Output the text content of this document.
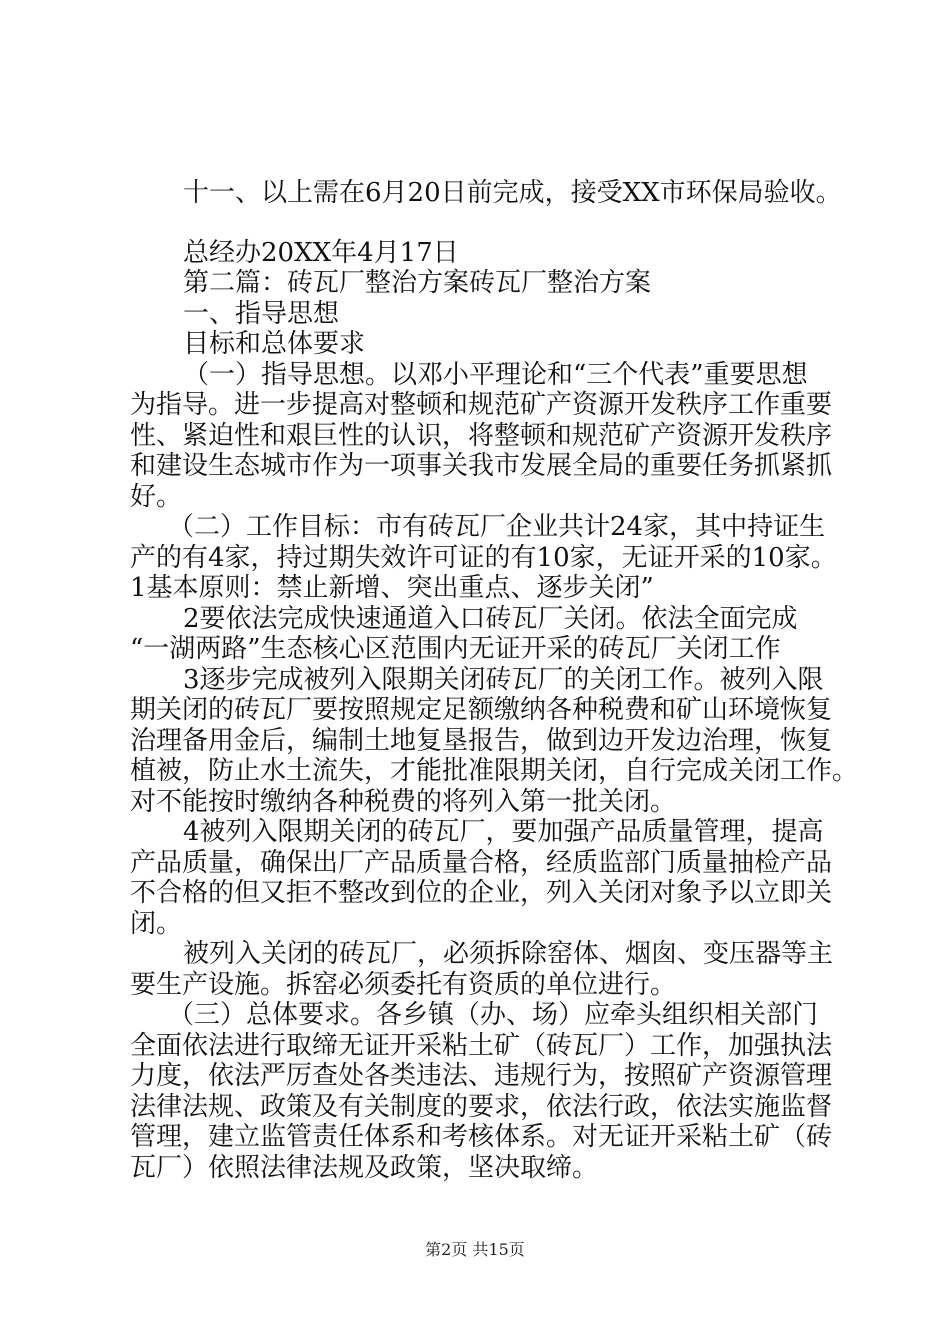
十一、以上需在6月20日前完成，接受XX市环保局验收。
总经办20XX年4月17日
第二篇：砖瓦厂整治方案砖瓦厂整治方案
一、指导思想
目标和总体要求
（一）指导思想。以邓小平理论和“三个代表”重要思想
为指导。进一步提高对整顿和规范矿产资源开发秩序工作重要
性、紧迫性和艰巨性的认识，将整顿和规范矿产资源开发秩序
和建设生态城市作为一项事关我市发展全局的重要任务抓紧抓
好。
（二）工作目标：市有砖瓦厂企业共计24家，其中持证生
产的有4家，持过期失效许可证的有10家，无证开采的10家。
1基本原则：禁止新增、突出重点、逐步关闭”
2要依法完成快速通道入口砖瓦厂关闭。依法全面完成
“一湖两路”生态核心区范围内无证开采的砖瓦厂关闭工作
3逐步完成被列入限期关闭砖瓦厂的关闭工作。被列入限
期关闭的砖瓦厂要按照规定足额缴纳各种税费和矿山环境恢复
治理备用金后，编制土地复垦报告，做到边开发边治理，恢复
植被，防止水土流失，才能批准限期关闭，自行完成关闭工作。
对不能按时缴纳各种税费的将列入第一批关闭。
4被列入限期关闭的砖瓦厂，要加强产品质量管理，提高
产品质量，确保出厂产品质量合格，经质监部门质量抽检产品
不合格的但又拒不整改到位的企业，列入关闭对象予以立即关
闭。
被列入关闭的砖瓦厂，必须拆除窑体、烟囱、变压器等主
要生产设施。拆窑必须委托有资质的单位进行。
（三）总体要求。各乡镇（办、场）应牵头组织相关部门
全面依法进行取缔无证开采粘土矿（砖瓦厂）工作，加强执法
力度，依法严厉查处各类违法、违规行为，按照矿产资源管理
法律法规、政策及有关制度的要求，依法行政，依法实施监督
管理，建立监管责任体系和考核体系。对无证开采粘土矿（砖
瓦厂）依照法律法规及政策，坚决取缔。
第2页 共15页
